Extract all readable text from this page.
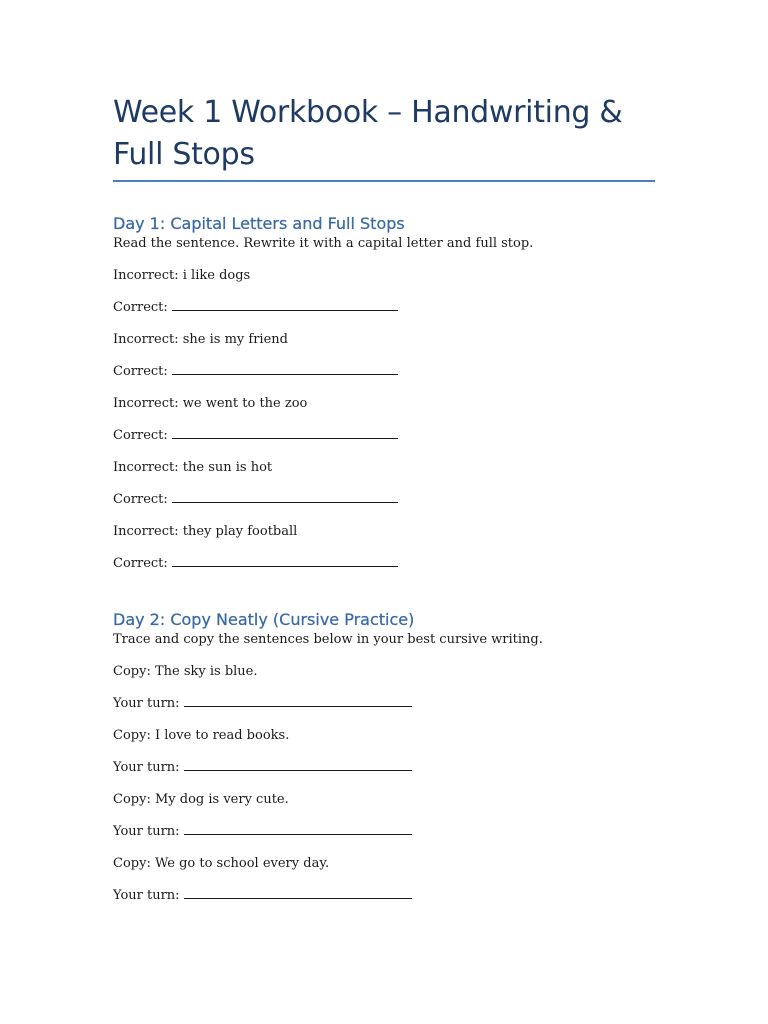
Week 1 Workbook – Handwriting & Full Stops
Day 1: Capital Letters and Full Stops

Read the sentence. Rewrite it with a capital letter and full stop.

Incorrect: i like dogs

Correct:

Incorrect: she is my friend

Correct:

Incorrect: we went to the zoo

Correct:

Incorrect: the sun is hot

Correct:

Incorrect: they play football

Correct:

Day 2: Copy Neatly (Cursive Practice)

Trace and copy the sentences below in your best cursive writing.

Copy: The sky is blue.

Your turn:

Copy: I love to read books.

Your turn:

Copy: My dog is very cute.

Your turn:

Copy: We go to school every day.

Your turn:
